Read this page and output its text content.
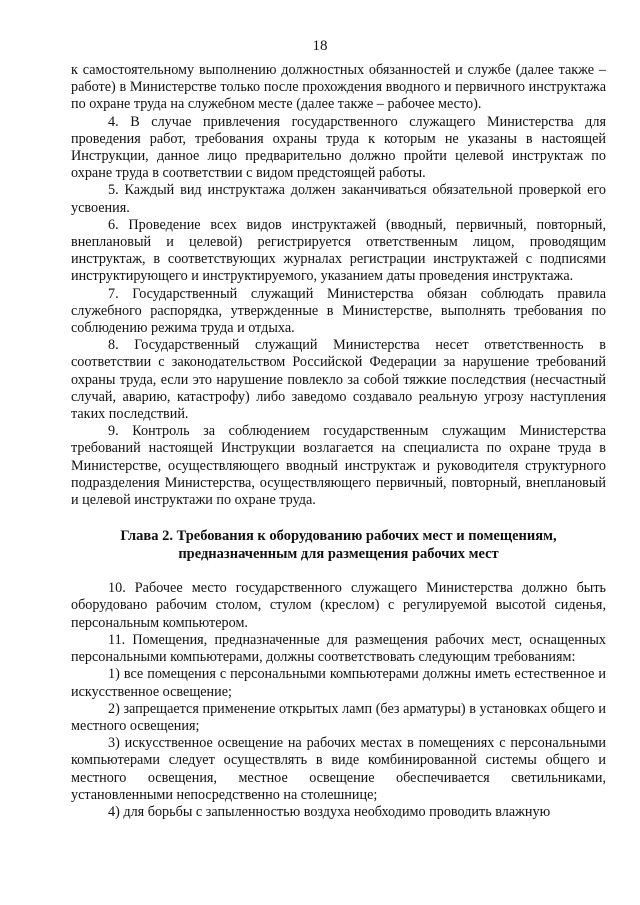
18

к самостоятельному выполнению должностных обязанностей и службе (далее также – работе) в Министерстве только после прохождения вводного и первичного инструктажа по охране труда на служебном месте (далее также – рабочее место).

4. В случае привлечения государственного служащего Министерства для проведения работ, требования охраны труда к которым не указаны в настоящей Инструкции, данное лицо предварительно должно пройти целевой инструктаж по охране труда в соответствии с видом предстоящей работы.

5. Каждый вид инструктажа должен заканчиваться обязательной проверкой его усвоения.

6. Проведение всех видов инструктажей (вводный, первичный, повторный, внеплановый и целевой) регистрируется ответственным лицом, проводящим инструктаж, в соответствующих журналах регистрации инструктажей с подписями инструктирующего и инструктируемого, указанием даты проведения инструктажа.

7. Государственный служащий Министерства обязан соблюдать правила служебного распорядка, утвержденные в Министерстве, выполнять требования по соблюдению режима труда и отдыха.

8. Государственный служащий Министерства несет ответственность в соответствии с законодательством Российской Федерации за нарушение требований охраны труда, если это нарушение повлекло за собой тяжкие последствия (несчастный случай, аварию, катастрофу) либо заведомо создавало реальную угрозу наступления таких последствий.

9. Контроль за соблюдением государственным служащим Министерства требований настоящей Инструкции возлагается на специалиста по охране труда в Министерстве, осуществляющего вводный инструктаж и руководителя структурного подразделения Министерства, осуществляющего первичный, повторный, внеплановый и целевой инструктажи по охране труда.

Глава 2. Требования к оборудованию рабочих мест и помещениям,
предназначенным для размещения рабочих мест

10. Рабочее место государственного служащего Министерства должно быть оборудовано рабочим столом, стулом (креслом) с регулируемой высотой сиденья, персональным компьютером.

11. Помещения, предназначенные для размещения рабочих мест, оснащенных персональными компьютерами, должны соответствовать следующим требованиям:

1) все помещения с персональными компьютерами должны иметь естественное и искусственное освещение;

2) запрещается применение открытых ламп (без арматуры) в установках общего и местного освещения;

3) искусственное освещение на рабочих местах в помещениях с персональными компьютерами следует осуществлять в виде комбинированной системы общего и местного освещения, местное освещение обеспечивается светильниками, установленными непосредственно на столешнице;

4) для борьбы с запыленностью воздуха необходимо проводить влажную
